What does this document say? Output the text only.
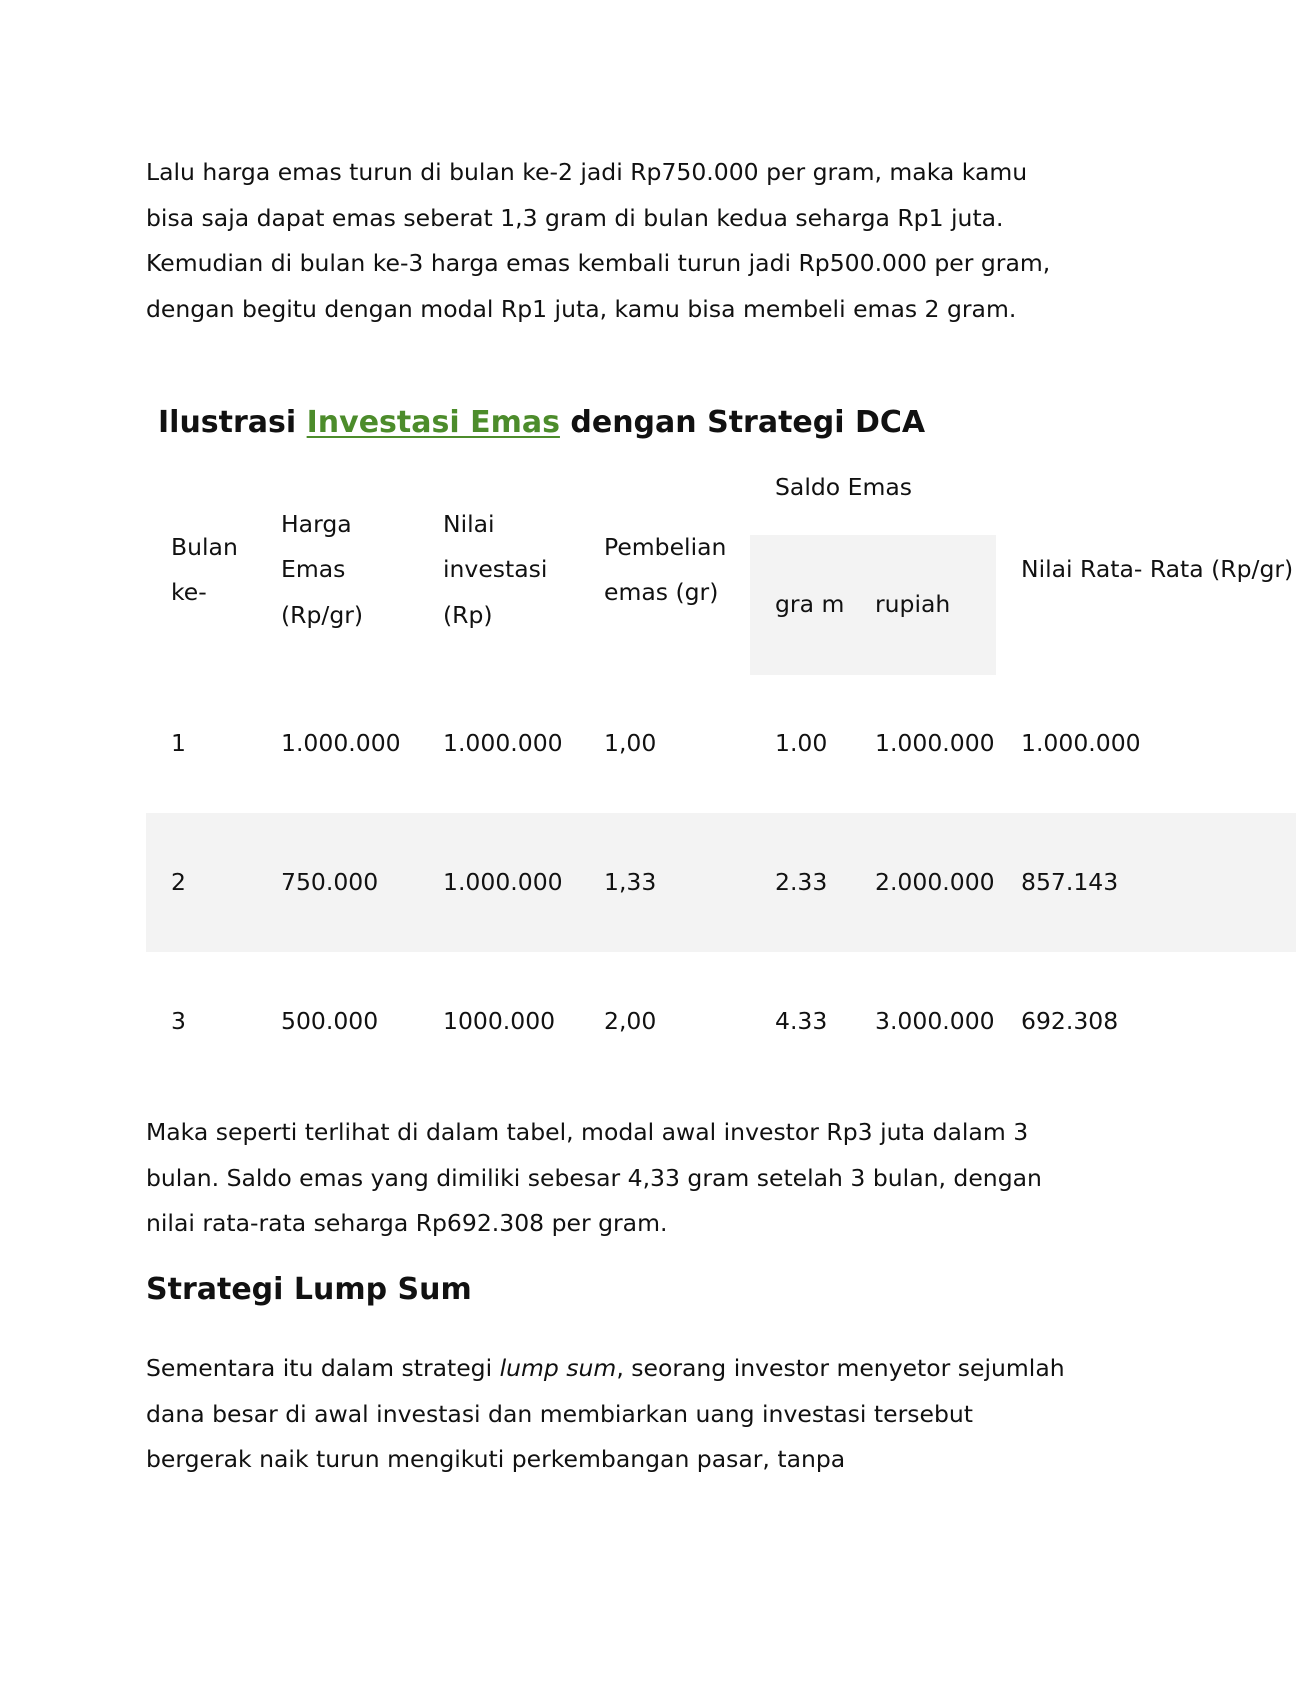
Lalu harga emas turun di bulan ke-2 jadi Rp750.000 per gram, maka kamu bisa saja dapat emas seberat 1,3 gram di bulan kedua seharga Rp1 juta. Kemudian di bulan ke-3 harga emas kembali turun jadi Rp500.000 per gram, dengan begitu dengan modal Rp1 juta, kamu bisa membeli emas 2 gram.

Ilustrasi Investasi Emas dengan Strategi DCA
Bulan ke-	Harga Emas (Rp/gr)	Nilai investasi (Rp)	Pembelian emas (gr)	Saldo Emas		Nilai Rata- Rata (Rp/gr)
				gra m	rupiah	
1	1.000.000	1.000.000	1,00	1.00	1.000.000	1.000.000
2	750.000	1.000.000	1,33	2.33	2.000.000	857.143
3	500.000	1000.000	2,00	4.33	3.000.000	692.308

Maka seperti terlihat di dalam tabel, modal awal investor Rp3 juta dalam 3 bulan. Saldo emas yang dimiliki sebesar 4,33 gram setelah 3 bulan, dengan nilai rata-rata seharga Rp692.308 per gram.

Strategi Lump Sum

Sementara itu dalam strategi lump sum, seorang investor menyetor sejumlah dana besar di awal investasi dan membiarkan uang investasi tersebut bergerak naik turun mengikuti perkembangan pasar, tanpa
